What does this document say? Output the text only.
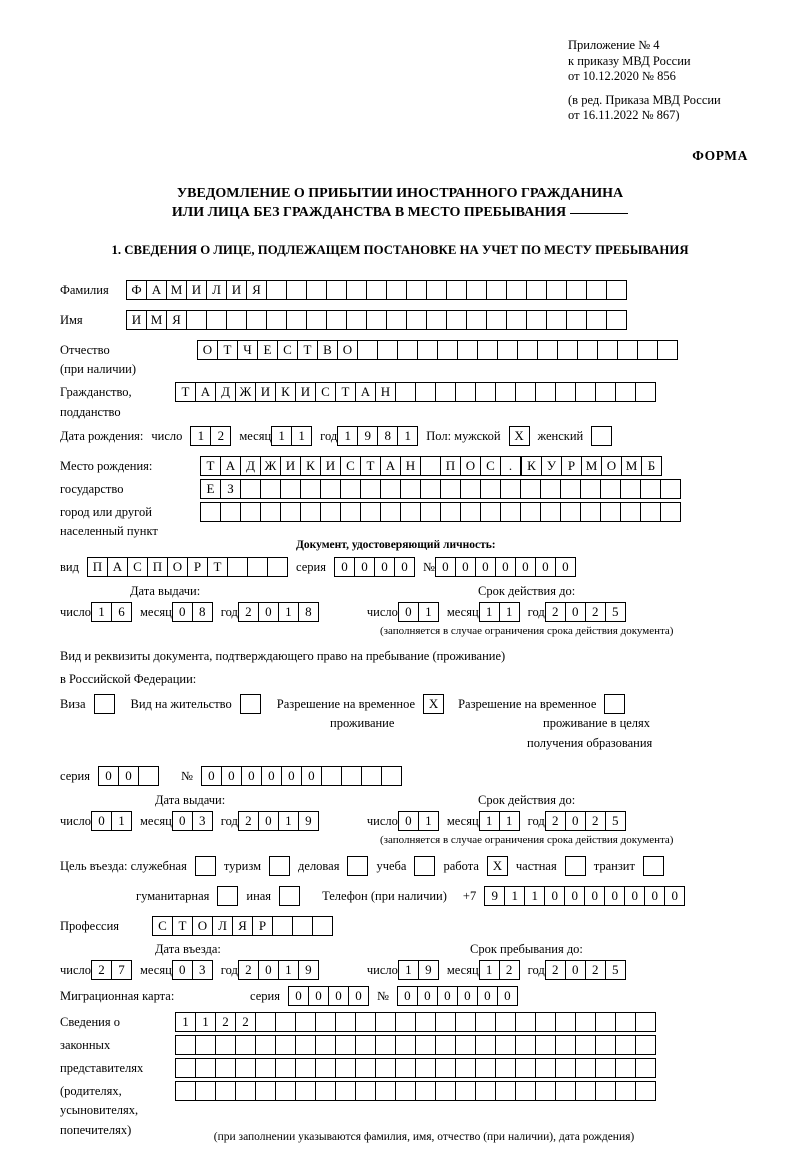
Приложение № 4
к приказу МВД России
от 10.12.2020 № 856
(в ред. Приказа МВД России
от 16.11.2022 № 867)
ФОРМА
УВЕДОМЛЕНИЕ О ПРИБЫТИИ ИНОСТРАННОГО ГРАЖДАНИНА
ИЛИ ЛИЦА БЕЗ ГРАЖДАНСТВА В МЕСТО ПРЕБЫВАНИЯ
1. СВЕДЕНИЯ О ЛИЦЕ, ПОДЛЕЖАЩЕМ ПОСТАНОВКЕ НА УЧЕТ ПО МЕСТУ ПРЕБЫВАНИЯ
Фамилия	Ф А М И Л И Я
Имя	И М Я
Отчество	О Т Ч Е С Т В О
(при наличии)
Гражданство,	Т А Д Ж И К И С Т А Н
подданство
Дата рождения: число	1	2	месяц 1	1	год 1	9	8	1	Пол: мужской	X	женский
Место рождения:	Т А Д Ж И К И С Т А Н	П О С	.	К У Р М О М Б
государство	Е З
город или другой
населенный пункт
Документ, удостоверяющий личность:
вид	П А С П О Р Т	серия	0	0	0	0	№ 0	0	0	0	0	0	0
Дата выдачи:	Срок действия до:
число 1	6	месяц 0	8	год 2	0	1	8	число 0	1	месяц 1	1	год 2	0	2	5
(заполняется в случае ограничения срока действия документа)
Вид и реквизиты документа, подтверждающего право на пребывание (проживание)
в Российской Федерации:
Виза	Вид на жительство	Разрешение на временное	X	Разрешение на временное
проживание	проживание в целях
получения образования
серия	0	0	№	0	0	0	0	0	0
Дата выдачи:	Срок действия до:
число 0	1	месяц 0	3	год 2	0	1	9	число 0	1	месяц 1	1	год 2	0	2	5
(заполняется в случае ограничения срока действия документа)
Цель въезда: служебная	туризм	деловая	учеба	работа	X	частная	транзит
гуманитарная	иная	Телефон (при наличии) +7	9	1	1	0	0	0	0	0	0	0
Профессия	С Т О Л Я Р
Дата въезда:	Срок пребывания до:
число 2	7	месяц 0	3	год 2	0	1	9	число 1	9	месяц 1	2	год 2	0	2	5
Миграционная карта:	серия	0	0	0	0	№	0	0	0	0	0	0
Сведения о	1	1	2	2
законных
представителях
(родителях,
усыновителях,
попечителях)	(при заполнении указываются фамилия, имя, отчество (при наличии), дата рождения)
